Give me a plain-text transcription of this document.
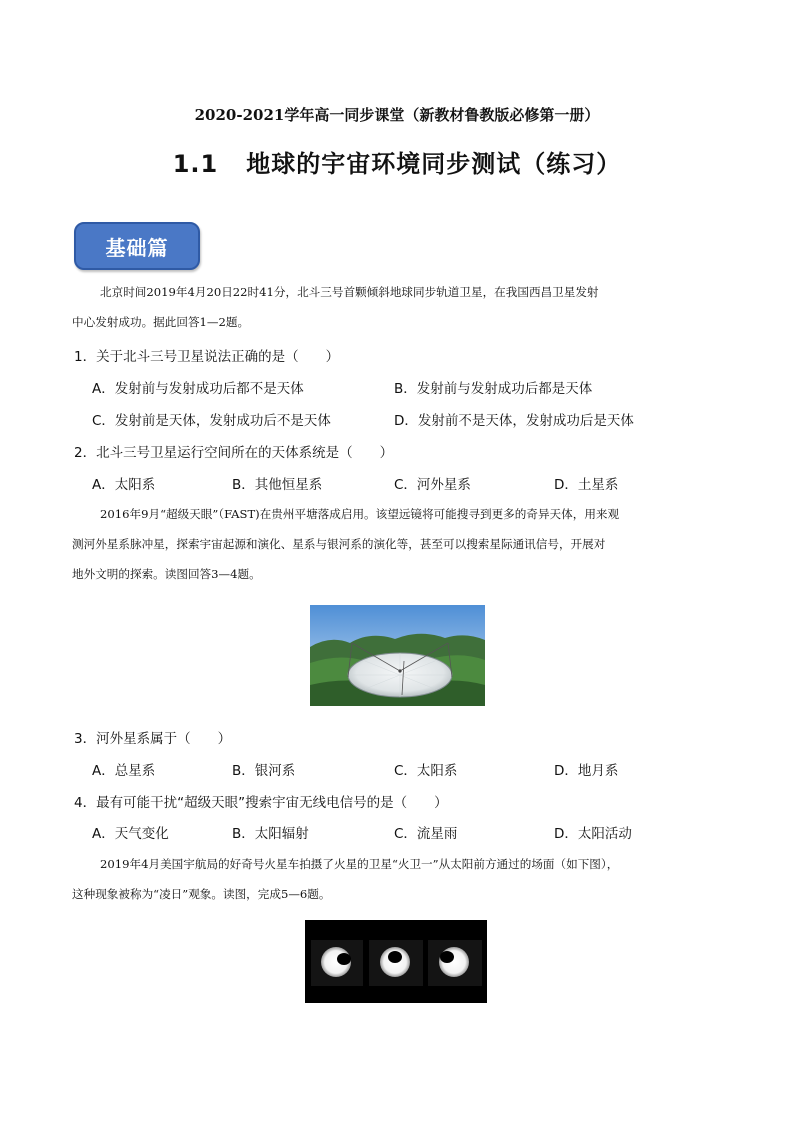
2020-2021学年高一同步课堂（新教材鲁教版必修第一册）
1.1 地球的宇宙环境同步测试（练习）
基础篇
北京时间2019年4月20日22时41分，北斗三号首颗倾斜地球同步轨道卫星，在我国西昌卫星发射
中心发射成功。据此回答1—2题。
1．关于北斗三号卫星说法正确的是（　　）
A．发射前与发射成功后都不是天体	B．发射前与发射成功后都是天体
C．发射前是天体，发射成功后不是天体	D．发射前不是天体，发射成功后是天体
2．北斗三号卫星运行空间所在的天体系统是（　　）
A．太阳系	B．其他恒星系	C．河外星系	D．土星系
2016年9月“超级天眼”（FAST)在贵州平塘落成启用。该望远镜将可能搜寻到更多的奇异天体，用来观
测河外星系脉冲星，探索宇宙起源和演化、星系与银河系的演化等，甚至可以搜索星际通讯信号，开展对
地外文明的探索。读图回答3—4题。
3．河外星系属于（　　）
A．总星系	B．银河系	C．太阳系	D．地月系
4．最有可能干扰“超级天眼”搜索宇宙无线电信号的是（　　）
A．天气变化	B．太阳辐射	C．流星雨	D．太阳活动
2019年4月美国宇航局的好奇号火星车拍摄了火星的卫星“火卫一”从太阳前方通过的场面（如下图），
这种现象被称为“凌日”观象。读图，完成5—6题。
